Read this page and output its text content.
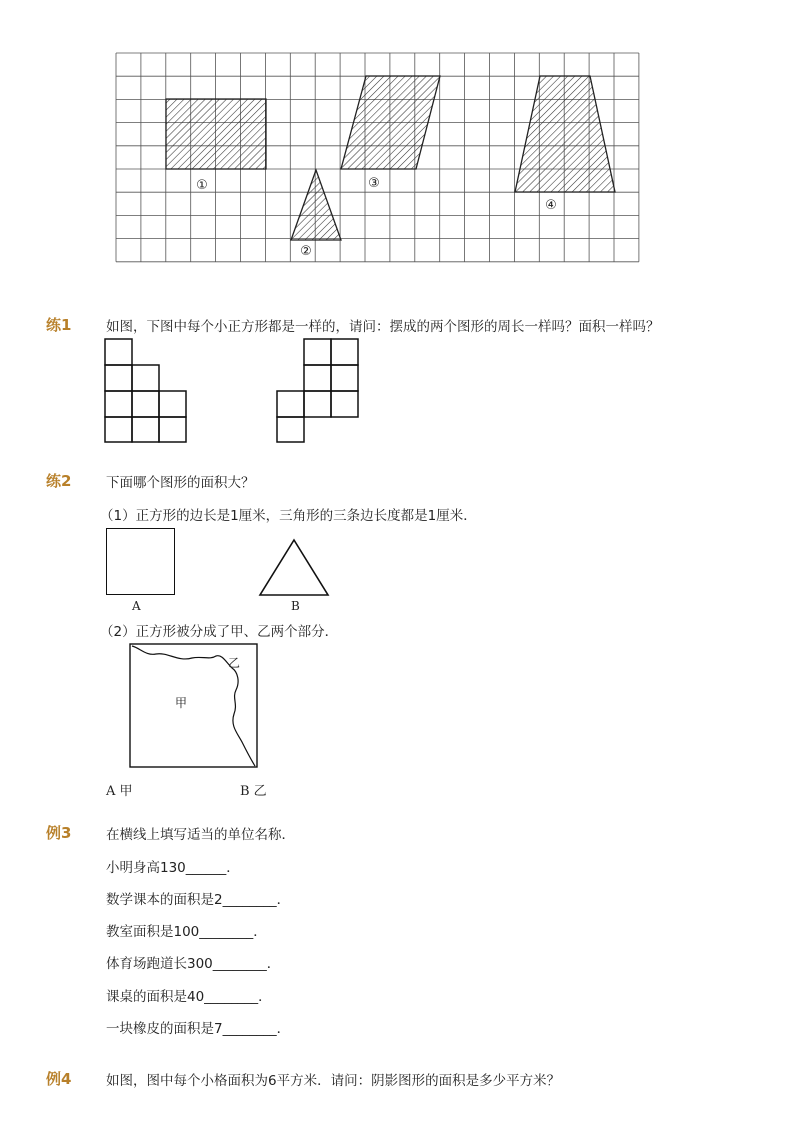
①
②
③
④
练1	如图，下图中每个小正方形都是一样的，请问：摆成的两个图形的周长一样吗？面积一样吗？
练2	下面哪个图形的面积大？
（1）正方形的边长是1厘米，三角形的三条边长度都是1厘米．
A	B
（2）正方形被分成了甲、乙两个部分．
甲
乙
A 甲	B 乙
例3	在横线上填写适当的单位名称．
小明身高130______．
数学课本的面积是2________．
教室面积是100________．
体育场跑道长300________．
课桌的面积是40________．
一块橡皮的面积是7________．
例4	如图，图中每个小格面积为6平方米．请问：阴影图形的面积是多少平方米？
